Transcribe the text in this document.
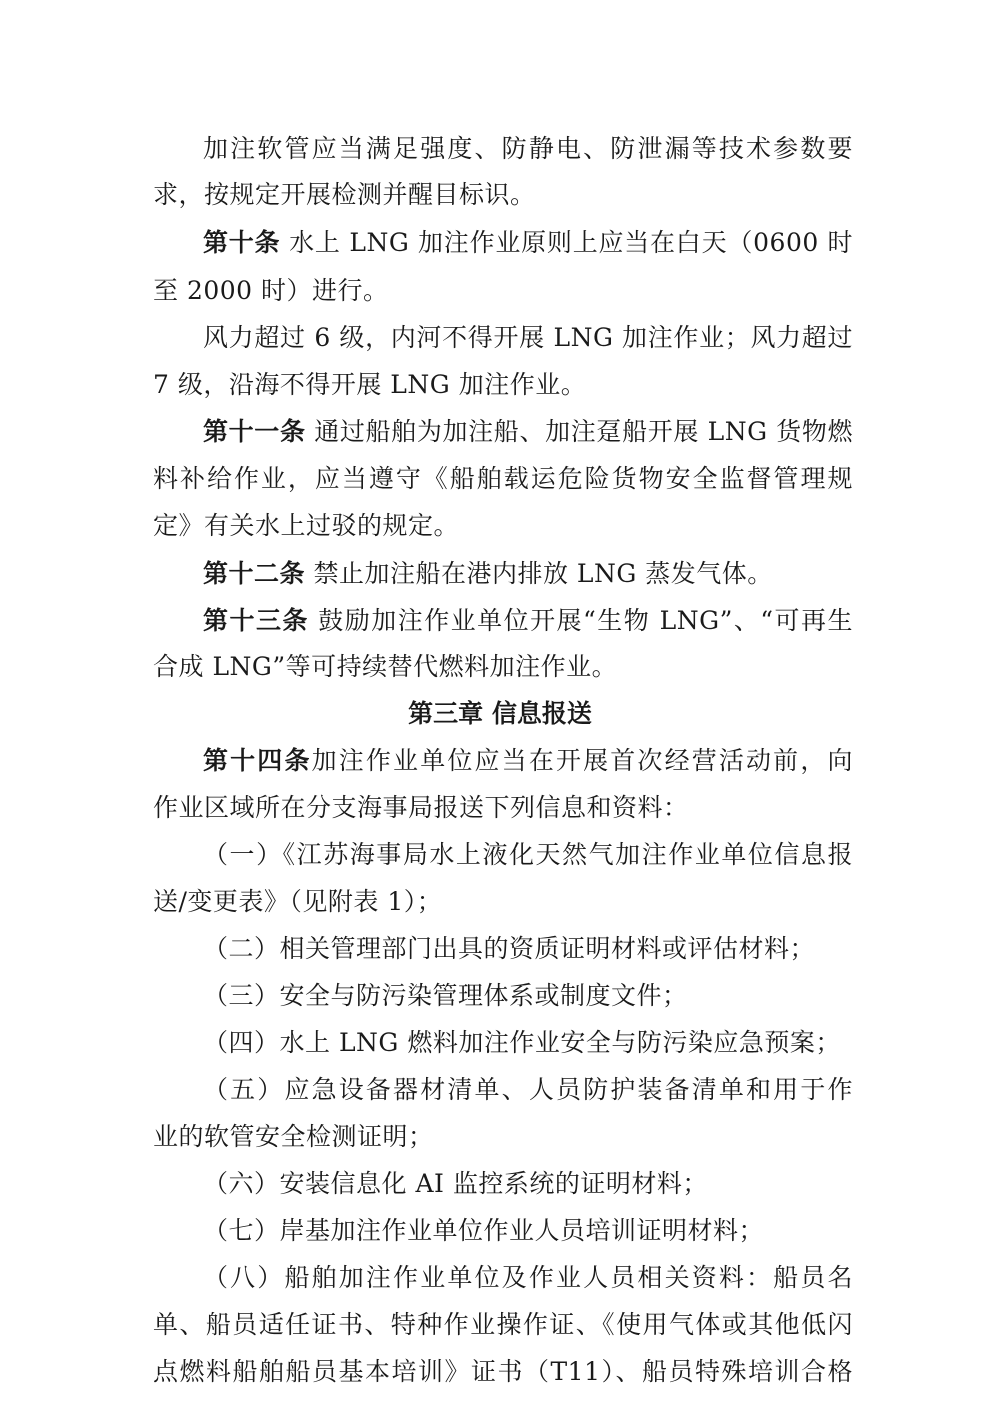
加注软管应当满足强度、防静电、防泄漏等技术参数要
求，按规定开展检测并醒目标识。
第十条 水上 LNG 加注作业原则上应当在白天（0600 时
至 2000 时）进行。
风力超过 6 级，内河不得开展 LNG 加注作业；风力超过
7 级，沿海不得开展 LNG 加注作业。
第十一条 通过船舶为加注船、加注趸船开展 LNG 货物燃
料补给作业，应当遵守《船舶载运危险货物安全监督管理规
定》有关水上过驳的规定。
第十二条 禁止加注船在港内排放 LNG 蒸发气体。
第十三条 鼓励加注作业单位开展“生物 LNG”、“可再生
合成 LNG”等可持续替代燃料加注作业。
第三章 信息报送
第十四条加注作业单位应当在开展首次经营活动前，向
作业区域所在分支海事局报送下列信息和资料：
（一）《江苏海事局水上液化天然气加注作业单位信息报
送/变更表》（见附表 1）；
（二）相关管理部门出具的资质证明材料或评估材料；
（三）安全与防污染管理体系或制度文件；
（四）水上 LNG 燃料加注作业安全与防污染应急预案；
（五）应急设备器材清单、人员防护装备清单和用于作
业的软管安全检测证明；
（六）安装信息化 AI 监控系统的证明材料；
（七）岸基加注作业单位作业人员培训证明材料；
（八）船舶加注作业单位及作业人员相关资料：船员名
单、船员适任证书、特种作业操作证、《使用气体或其他低闪
点燃料船舶船员基本培训》证书（T11）、船员特殊培训合格
